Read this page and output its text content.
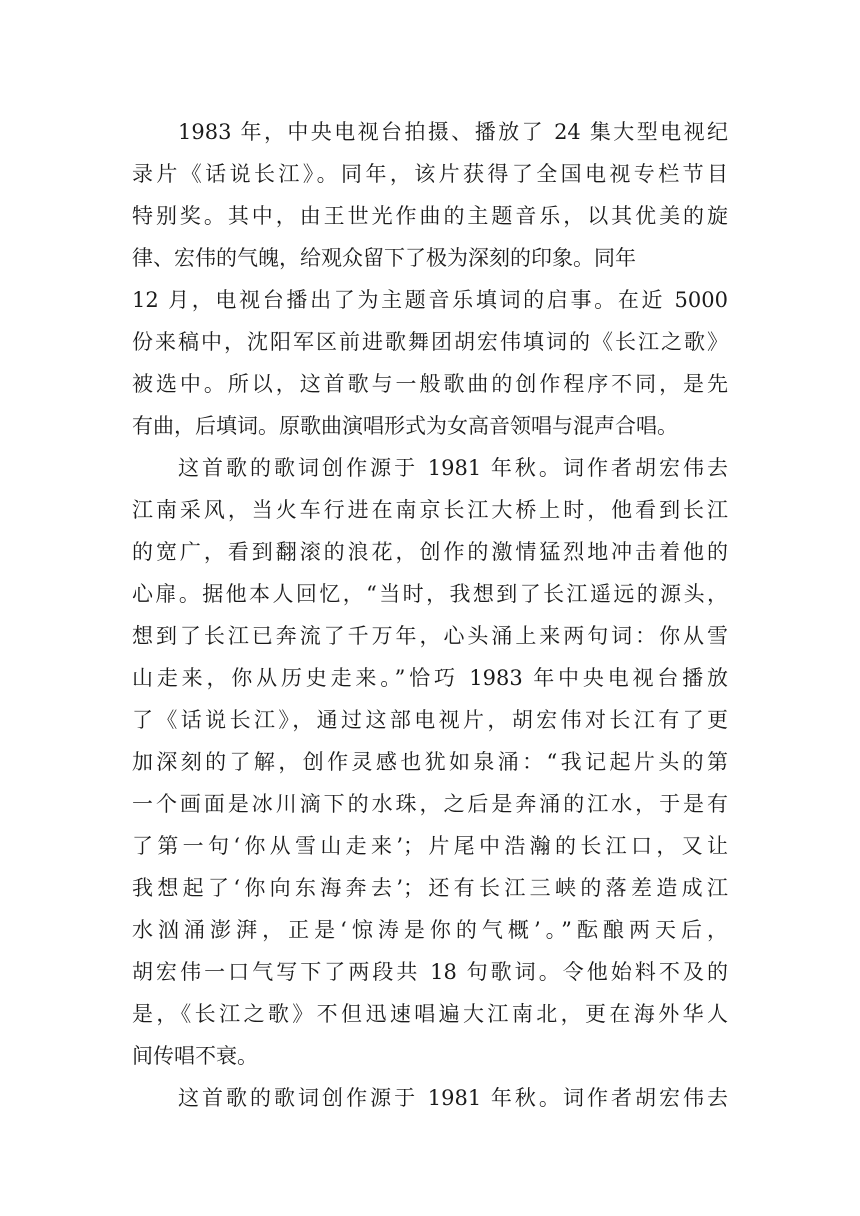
1983 年，中央电视台拍摄、播放了 24 集大型电视纪
录片《话说长江》。同年，该片获得了全国电视专栏节目
特别奖。其中，由王世光作曲的主题音乐，以其优美的旋
律、宏伟的气魄，给观众留下了极为深刻的印象。同年
12 月，电视台播出了为主题音乐填词的启事。在近 5000
份来稿中，沈阳军区前进歌舞团胡宏伟填词的《长江之歌》
被选中。所以，这首歌与一般歌曲的创作程序不同，是先
有曲，后填词。原歌曲演唱形式为女高音领唱与混声合唱。
这首歌的歌词创作源于 1981 年秋。词作者胡宏伟去
江南采风，当火车行进在南京长江大桥上时，他看到长江
的宽广，看到翻滚的浪花，创作的激情猛烈地冲击着他的
心扉。据他本人回忆，“当时，我想到了长江遥远的源头，
想到了长江已奔流了千万年，心头涌上来两句词：你从雪
山走来，你从历史走来。”恰巧 1983 年中央电视台播放
了《话说长江》，通过这部电视片，胡宏伟对长江有了更
加深刻的了解，创作灵感也犹如泉涌：“我记起片头的第
一个画面是冰川滴下的水珠，之后是奔涌的江水，于是有
了第一句‘你从雪山走来’；片尾中浩瀚的长江口，又让
我想起了‘你向东海奔去’；还有长江三峡的落差造成江
水汹涌澎湃，正是‘惊涛是你的气概’。”酝酿两天后，
胡宏伟一口气写下了两段共 18 句歌词。令他始料不及的
是，《长江之歌》不但迅速唱遍大江南北，更在海外华人
间传唱不衰。
这首歌的歌词创作源于 1981 年秋。词作者胡宏伟去
